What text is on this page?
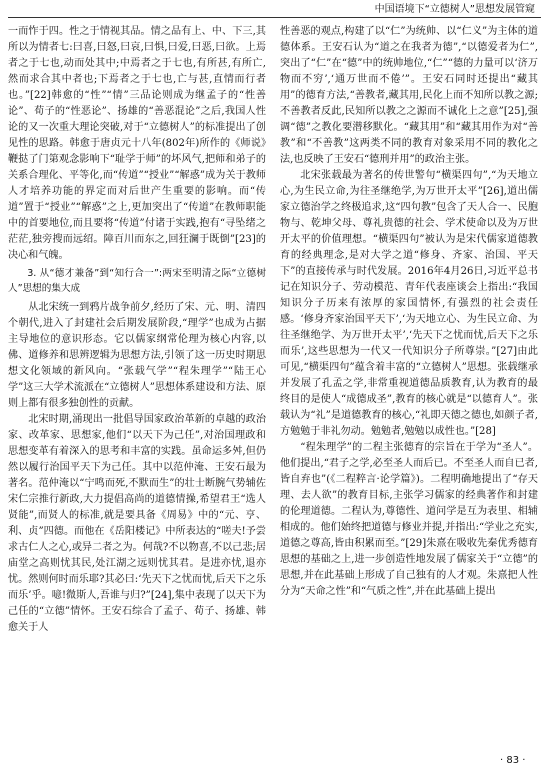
中国语境下“立德树人”思想发展管窥

一而怍于四。性之于情视其品。情之品有上、中、下三,其所以为情者七:曰喜,曰怒,曰哀,曰惧,曰爱,曰恶,曰欲。上焉者之于七也,动而处其中;中焉者之于七也,有所甚,有所亡,然而求合其中者也;下焉者之于七也,亡与甚,直情而行者也。”[22]韩愈的“性”“情”三品论则成为继孟子的“性善论”、荀子的“性恶论”、扬雄的“善恶混论”之后,我国人性论的又一次重大理论突破,对于“立德树人”的标准提出了创见性的思路。韩愈于唐贞元十八年(802年)所作的《师说》鞭挞了门第观念影响下“耻学于师”的坏风气,把师和弟子的关系合理化、平等化,而“传道”“授业”“解惑”成为关于教师人才培养功能的界定而对后世产生重要的影响。而“传道”置于“授业”“解惑”之上,更加突出了“传道”在教师职能中的首要地位,而且要将“传道”付诸于实践,抱有“寻坠绪之茫茫,独旁搜而远绍。障百川而东之,回狂澜于既倒”[23]的决心和气魄。

3. 从“德才兼备”到“知行合一”:两宋至明清之际“立德树人”思想的集大成

从北宋统一到鸦片战争前夕,经历了宋、元、明、清四个朝代,进入了封建社会后期发展阶段,“理学”也成为占据主导地位的意识形态。它以儒家纲常伦理为核心内容,以佛、道修养和思辨逻辑为思想方法,引领了这一历史时期思想文化领域的新风向。“张载气学”“程朱理学”“陆王心学”这三大学术流派在“立德树人”思想体系建设和方法、原则上都有很多独创性的贡献。

北宋时期,涌现出一批倡导国家政治革新的卓越的政治家、改革家、思想家,他们“以天下为己任”,对治国理政和思想变革有着深入的思考和丰富的实践。虽命运多舛,但仍然以履行治国平天下为己任。其中以范仲淹、王安石最为著名。范仲淹以“宁鸣而死,不默而生”的壮士断腕气势辅佐宋仁宗推行新政,大力提倡高尚的道德情操,希望君王“选人贤能”,而贤人的标准,就是要具备《周易》中的“元、亨、利、贞”四德。而他在《岳阳楼记》中所表达的“嗟夫!予尝求古仁人之心,或异二者之为。何哉?不以物喜,不以己悲;居庙堂之高则忧其民,处江湖之远则忧其君。是进亦忧,退亦忧。然则何时而乐耶?其必曰:‘先天下之忧而忧,后天下之乐而乐’乎。噫!微斯人,吾谁与归?”[24],集中表现了以天下为己任的“立德”情怀。王安石综合了孟子、荀子、扬雄、韩愈关于人

性善恶的观点,构建了以“仁”为统帅、以“仁义”为主体的道德体系。王安石认为“道之在我者为德”,“以德爱者为仁”,突出了“仁”在“德”中的统帅地位,“仁”“德的力量可以‘济万物而不穷’,‘通万世而不倦’”。王安石同时还提出“藏其用”的德育方法,“善教者,藏其用,民化上而不知所以教之源;不善教者反此,民知所以教之之源而不诚化上之意”[25],强调“德”之教化要潜移默化。“藏其用”和“藏其用作为对“善教”和“不善教”这两类不同的教育对象采用不同的教化之法,也反映了王安石“德刑并用”的政治主张。

北宋张载最为著名的传世警句“横渠四句”,“为天地立心,为生民立命,为往圣继绝学,为万世开太平”[26],道出儒家立德治学之终极追求,这“四句教”包含了天人合一、民胞物与、乾坤父母、尊礼贵德的社会、学术使命以及为万世开太平的价值理想。“横渠四句”被认为是宋代儒家道德教育的经典理念,是对大学之道“修身、齐家、治国、平天下”的直接传承与时代发展。2016年4月26日,习近平总书记在知识分子、劳动模范、青年代表座谈会上指出:“我国知识分子历来有浓厚的家国情怀,有强烈的社会责任感。‘修身齐家治国平天下’,‘为天地立心、为生民立命、为往圣继绝学、为万世开太平’,‘先天下之忧而忧,后天下之乐而乐’,这些思想为一代又一代知识分子所尊崇。”[27]由此可见,“横渠四句”蕴含着丰富的“立德树人”思想。张载继承并发展了孔孟之学,非常重视道德品质教育,认为教育的最终目的是使人“成德成圣”,教育的核心就是“以德育人”。张载认为“礼”是道德教育的核心,“礼即天德之德也,如颜子者,方勉勉于非礼勿动。勉勉者,勉勉以成性也。”[28]

“程朱理学”的二程主张德育的宗旨在于学为“圣人”。他们提出,“君子之学,必至圣人而后已。不至圣人而自已者,皆自弃也”(《二程粹言·论学篇》)。二程明确地提出了“存天理、去人欲”的教育目标,主张学习儒家的经典著作和封建的伦理道德。二程认为,尊德性、道问学是互为表里、相辅相成的。他们始终把道德与修业并提,并指出:“学业之充实,道德之尊高,皆由积累而至。”[29]朱熹在吸收先秦优秀德育思想的基础之上,进一步创造性地发展了儒家关于“立德”的思想,并在此基础上形成了自己独有的人才观。朱熹把人性分为“天命之性”和“气质之性”,并在此基础上提出

· 83 ·
